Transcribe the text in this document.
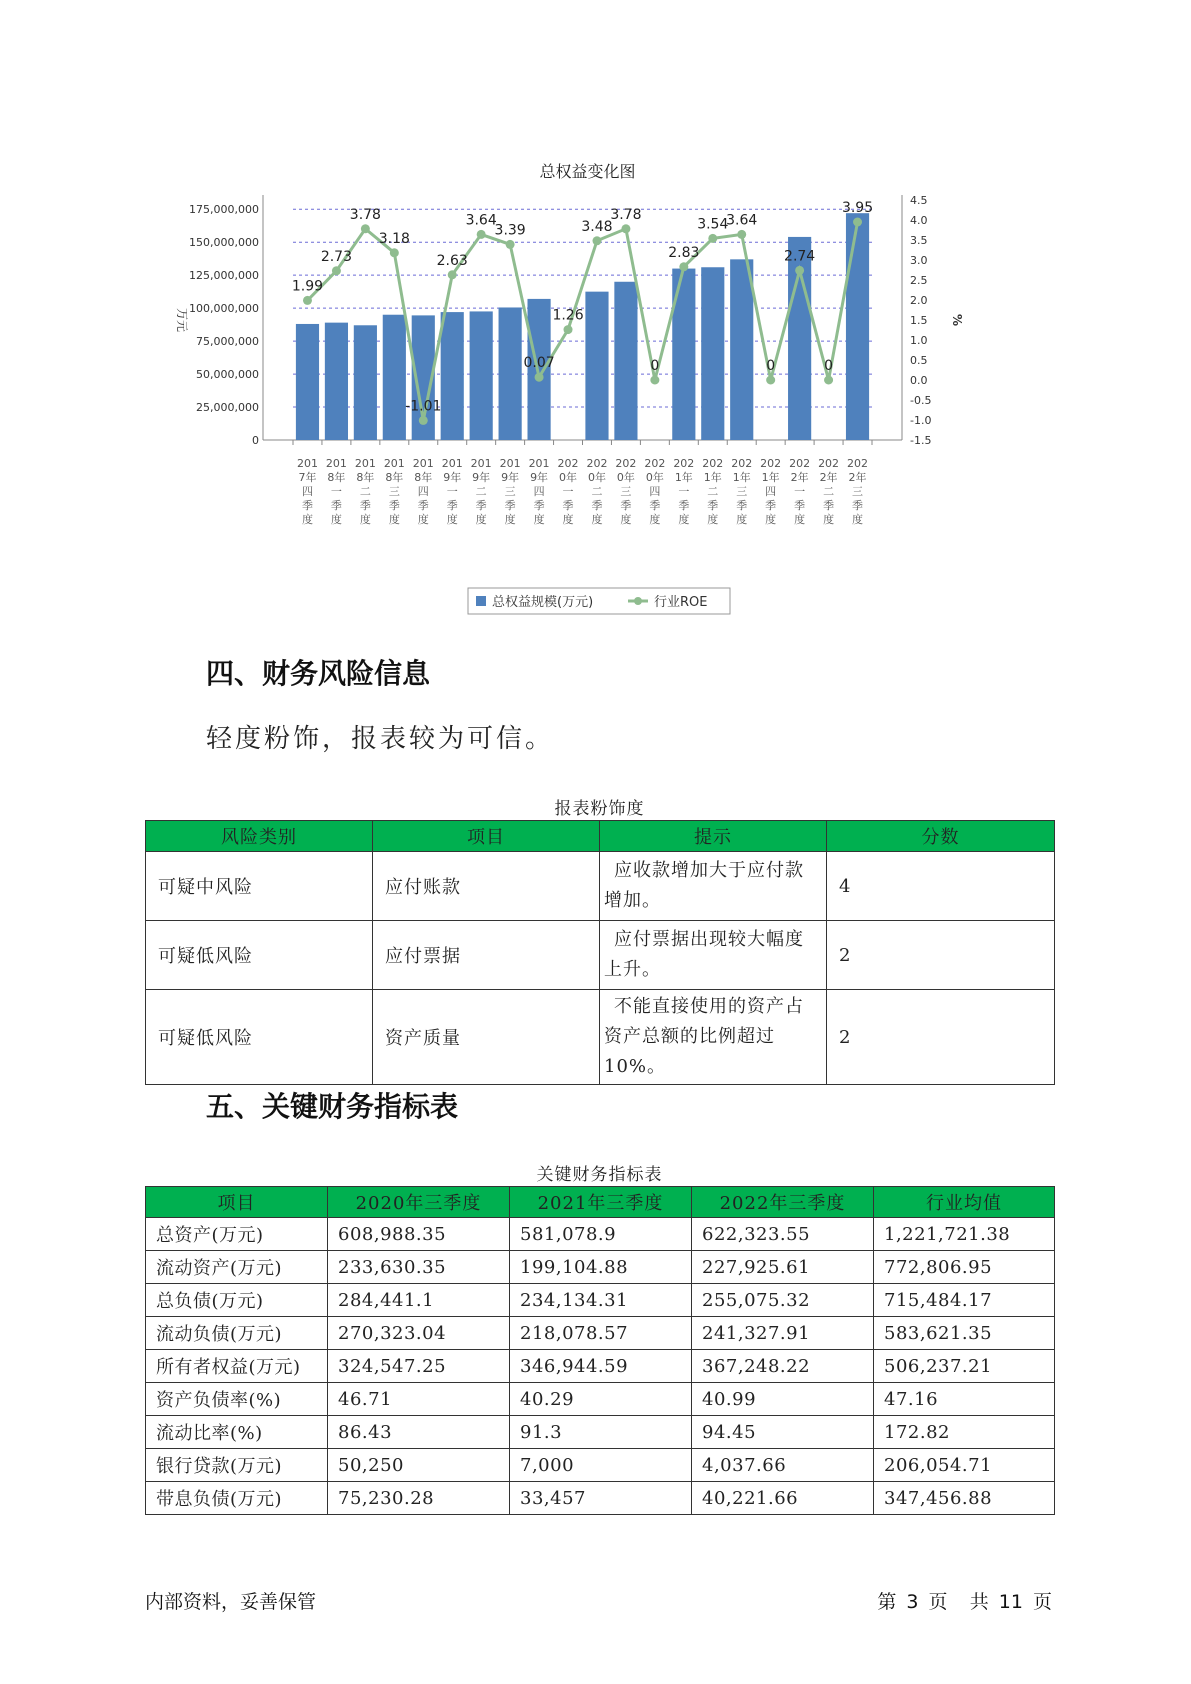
总权益变化图
0
25,000,000
50,000,000
75,000,000
100,000,000
125,000,000
150,000,000
175,000,000
-1.5
-1.0
-0.5
0.0
0.5
1.0
1.5
2.0
2.5
3.0
3.5
4.0
4.5
万元	%
1.99
2.73
3.78
3.18
-1.01
2.63
3.64
3.39
0.07
1.26
3.48
3.78
0
2.83
3.54
3.64
0
2.74
0
3.95
201
7年
四
季
度
201
8年
一
季
度
201
8年
二
季
度
201
8年
三
季
度
201
8年
四
季
度
201
9年
一
季
度
201
9年
二
季
度
201
9年
三
季
度
201
9年
四
季
度
202
0年
一
季
度
202
0年
二
季
度
202
0年
三
季
度
202
0年
四
季
度
202
1年
一
季
度
202
1年
二
季
度
202
1年
三
季
度
202
1年
四
季
度
202
2年
一
季
度
202
2年
二
季
度
202
2年
三
季
度
总权益规模(万元)	行业ROE
四、财务风险信息

轻度粉饰，报表较为可信。

报表粉饰度
风险类别	项目	提示	分数
可疑中风险	应付账款	应收款增加大于应付款增加。	4
可疑低风险	应付票据	应付票据出现较大幅度上升。	2
可疑低风险	资产质量	不能直接使用的资产占资产总额的比例超过10%。	2
五、关键财务指标表
关键财务指标表
项目	2020年三季度	2021年三季度	2022年三季度	行业均值
总资产(万元)	608,988.35	581,078.9	622,323.55	1,221,721.38
流动资产(万元)	233,630.35	199,104.88	227,925.61	772,806.95
总负债(万元)	284,441.1	234,134.31	255,075.32	715,484.17
流动负债(万元)	270,323.04	218,078.57	241,327.91	583,621.35
所有者权益(万元)	324,547.25	346,944.59	367,248.22	506,237.21
资产负债率(%)	46.71	40.29	40.99	47.16
流动比率(%)	86.43	91.3	94.45	172.82
银行贷款(万元)	50,250	7,000	4,037.66	206,054.71
带息负债(万元)	75,230.28	33,457	40,221.66	347,456.88
内部资料，妥善保管	第 3 页 共 11 页
